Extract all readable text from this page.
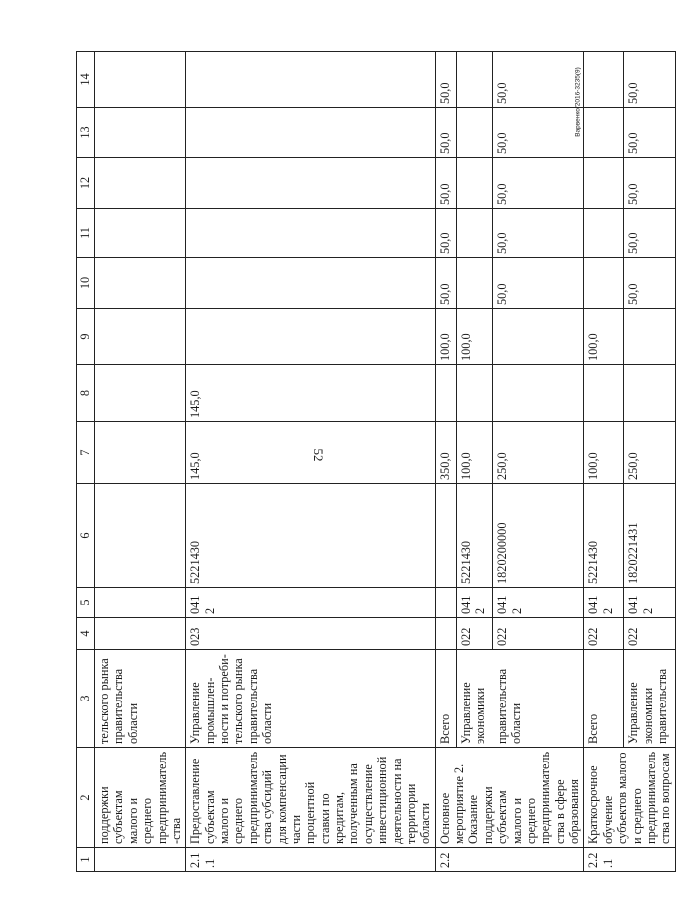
52
Варвенко/2016-3235(9)
1	2	3	4	5	6	7	8	9	10	11	12	13	14
	поддержки субъектам малого и среднего предприниматель-ства	тельского рынка правительства области											
2.1.1	Предоставление субъектам малого и среднего предпринимательства субсидий для компенсации части процентной ставки по кредитам, полученным на осуществление инвестиционной деятельности на территории области	Управление промышлен-ности и потреби-тельского рынка правительства области	023	0412	5221430	145,0	145,0						
2.2	Основное мероприятие 2. Оказание поддержки субъектам малого и среднего предпринимательства в сфере образования	Всего				350,0		100,0	50,0	50,0	50,0	50,0	50,0
		Управление экономики	022	0412	5221430	100,0		100,0					
		правительства области	022	0412	1820200000	250,0			50,0	50,0	50,0	50,0	50,0
2.2.1	Краткосрочное обучение субъектов малого и среднего предпринимательства по вопросам	Всего	022	0412	5221430	100,0		100,0					
		Управление экономики правительства	022	0412	1820221431	250,0			50,0	50,0	50,0	50,0	50,0
